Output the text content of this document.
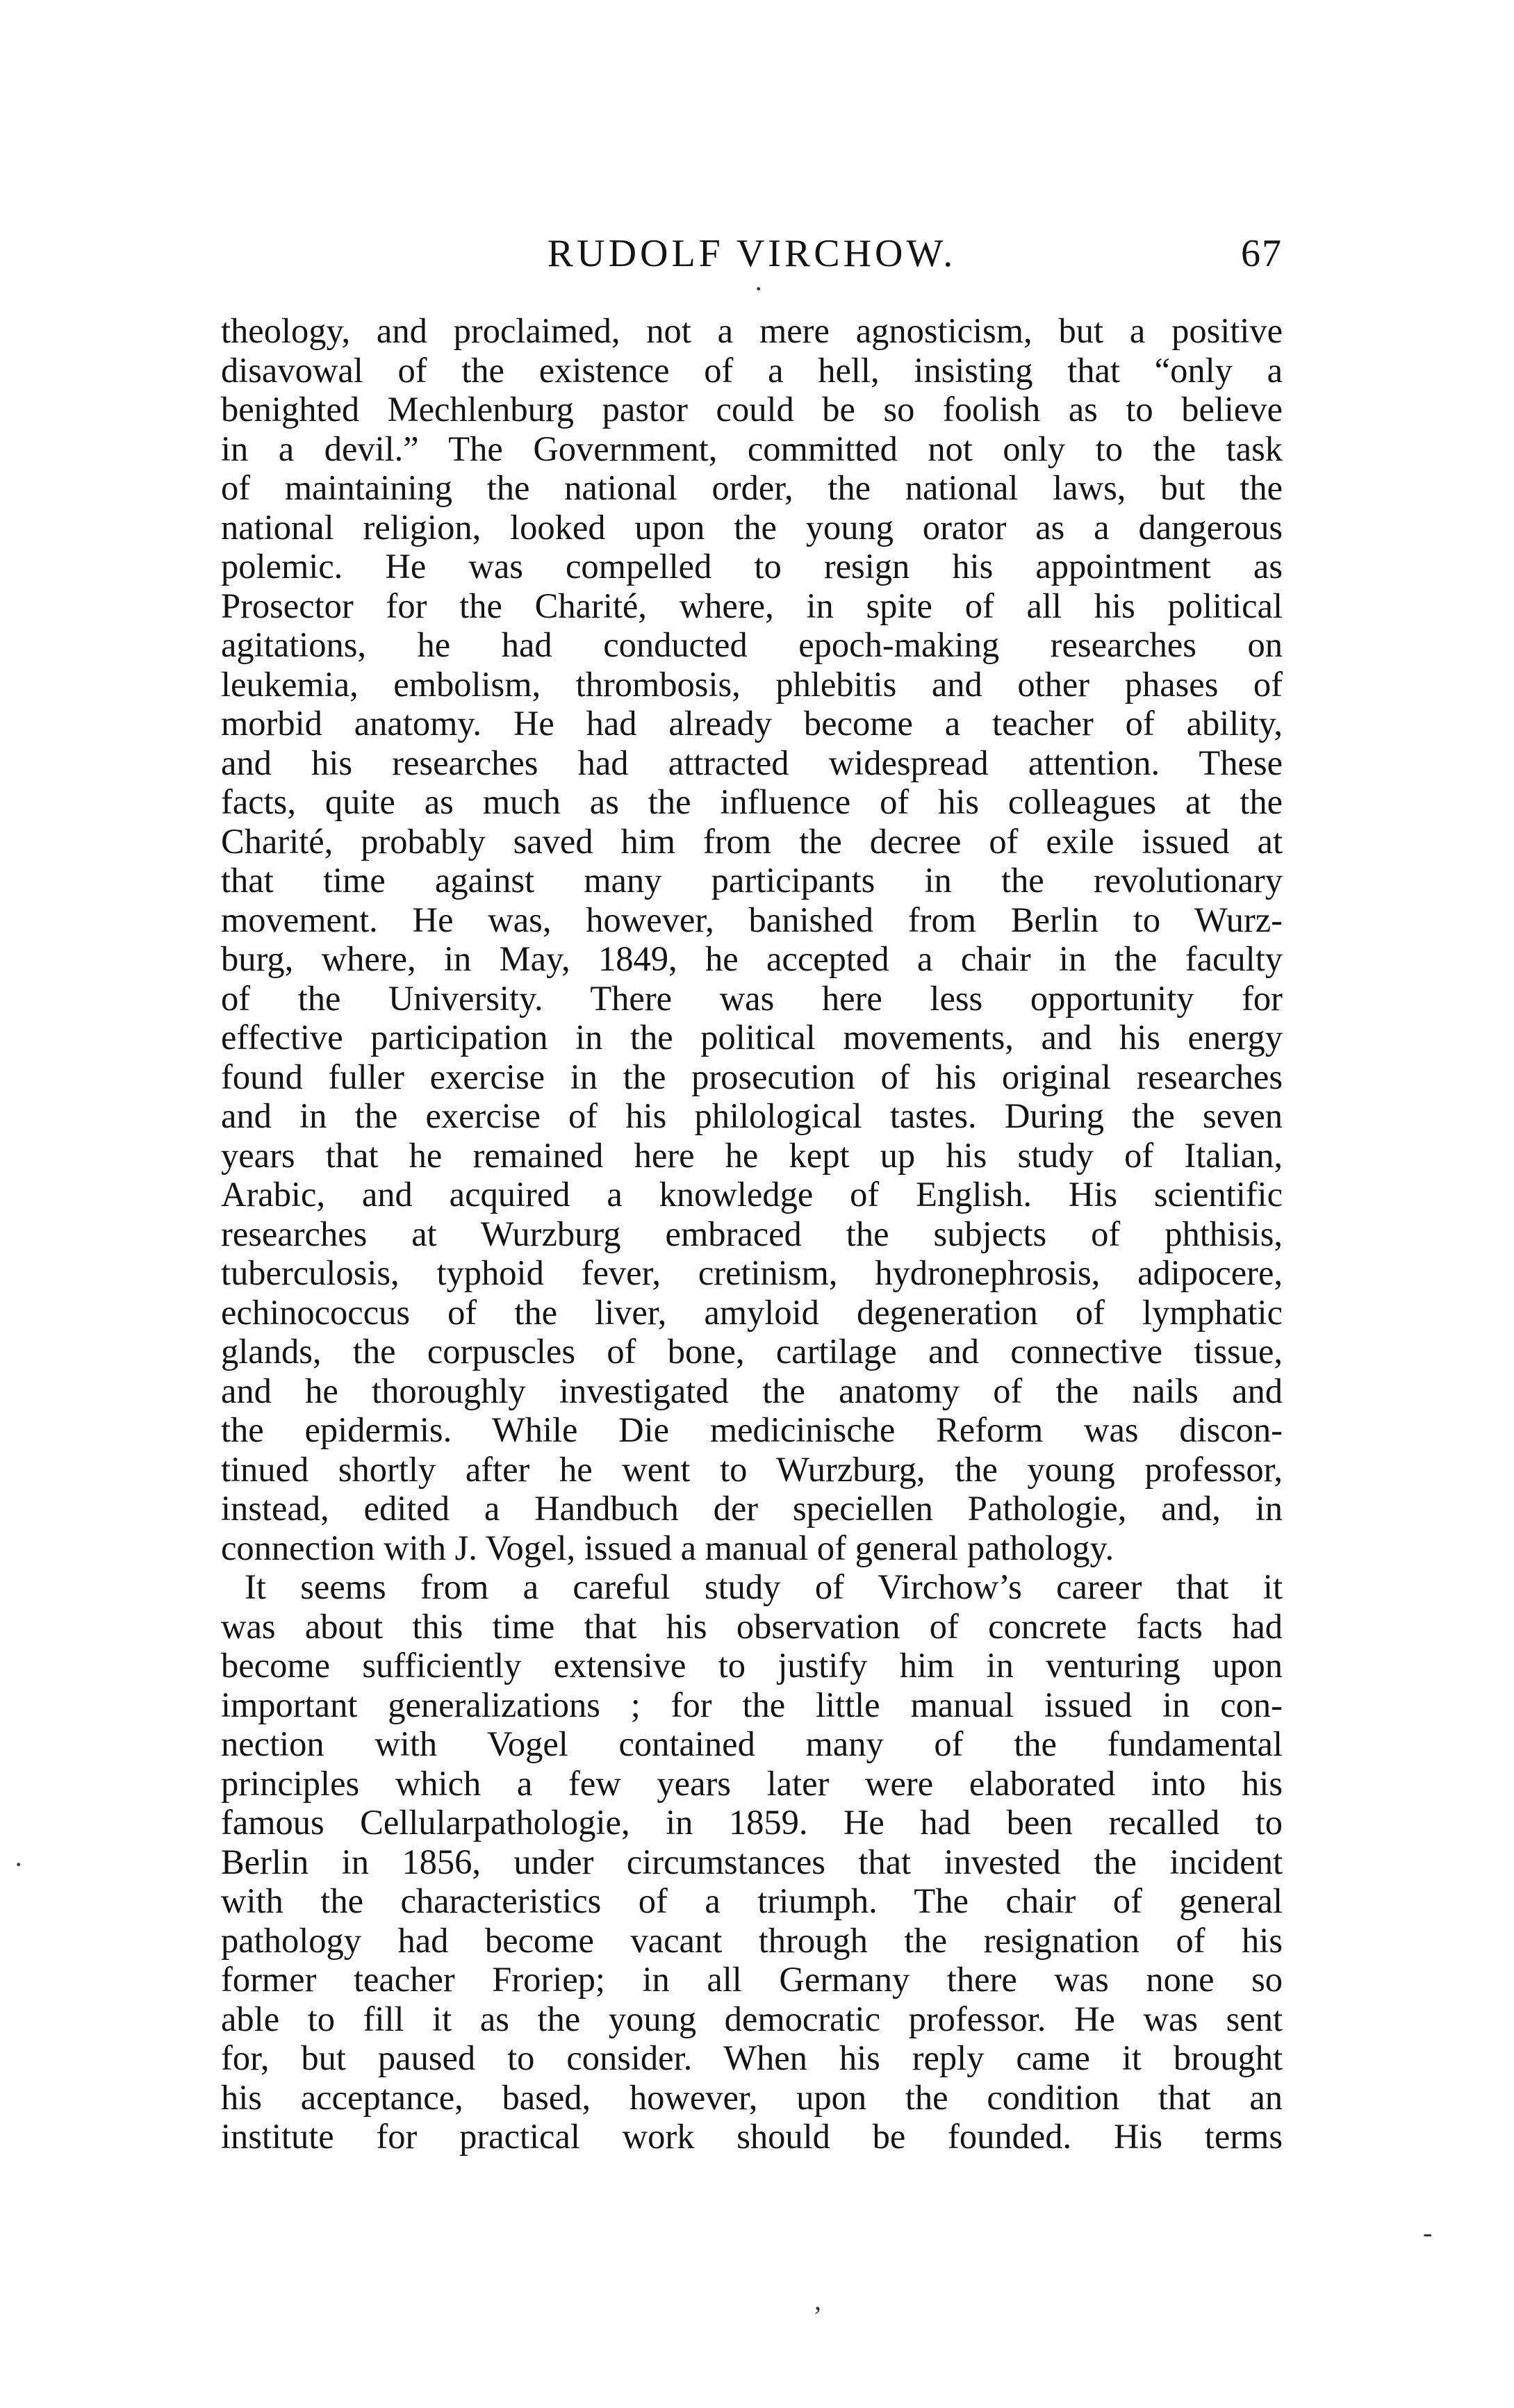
RUDOLF VIRCHOW.	67
theology, and proclaimed, not a mere agnosticism, but a positive
disavowal of the existence of a hell, insisting that “only a
benighted Mechlenburg pastor could be so foolish as to believe
in a devil.” The Government, committed not only to the task
of maintaining the national order, the national laws, but the
national religion, looked upon the young orator as a dangerous
polemic. He was compelled to resign his appointment as
Prosector for the Charité, where, in spite of all his political
agitations, he had conducted epoch-making researches on
leukemia, embolism, thrombosis, phlebitis and other phases of
morbid anatomy. He had already become a teacher of ability,
and his researches had attracted widespread attention. These
facts, quite as much as the influence of his colleagues at the
Charité, probably saved him from the decree of exile issued at
that time against many participants in the revolutionary
movement. He was, however, banished from Berlin to Wurz-
burg, where, in May, 1849, he accepted a chair in the faculty
of the University. There was here less opportunity for
effective participation in the political movements, and his energy
found fuller exercise in the prosecution of his original researches
and in the exercise of his philological tastes. During the seven
years that he remained here he kept up his study of Italian,
Arabic, and acquired a knowledge of English. His scientific
researches at Wurzburg embraced the subjects of phthisis,
tuberculosis, typhoid fever, cretinism, hydronephrosis, adipocere,
echinococcus of the liver, amyloid degeneration of lymphatic
glands, the corpuscles of bone, cartilage and connective tissue,
and he thoroughly investigated the anatomy of the nails and
the epidermis. While Die medicinische Reform was discon-
tinued shortly after he went to Wurzburg, the young professor,
instead, edited a Handbuch der speciellen Pathologie, and, in
connection with J. Vogel, issued a manual of general pathology.
It seems from a careful study of Virchow’s career that it
was about this time that his observation of concrete facts had
become sufficiently extensive to justify him in venturing upon
important generalizations ; for the little manual issued in con-
nection with Vogel contained many of the fundamental
principles which a few years later were elaborated into his
famous Cellularpathologie, in 1859. He had been recalled to
Berlin in 1856, under circumstances that invested the incident
with the characteristics of a triumph. The chair of general
pathology had become vacant through the resignation of his
former teacher Froriep; in all Germany there was none so
able to fill it as the young democratic professor. He was sent
for, but paused to consider. When his reply came it brought
his acceptance, based, however, upon the condition that an
institute for practical work should be founded. His terms
·
-
’
·
